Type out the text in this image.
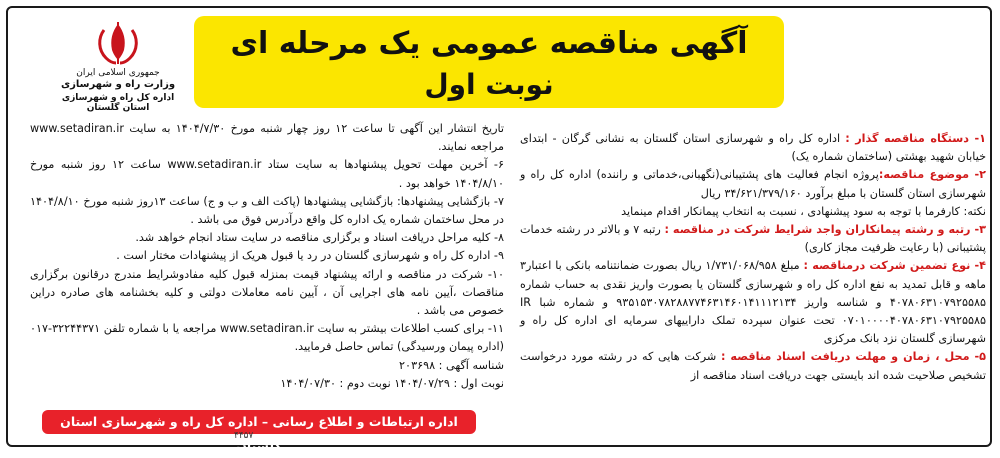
آگهی مناقصه عمومی یک مرحله ای
نوبت اول
جمهوری اسلامی ایران
وزارت راه و شهرسازی
اداره کل راه و شهرسازی استان گلستان

۱- دستگاه مناقصه گذار : اداره کل راه و شهرسازی استان گلستان به نشانی گرگان - ابتدای خیابان شهید بهشتی (ساختمان شماره یک)

۲- موضوع مناقصه:پروژه انجام فعالیت های پشتیبانی(نگهبانی،خدماتی و راننده) اداره کل راه و شهرسازی استان گلستان با مبلغ برآورد ۳۴/۶۲۱/۳۷۹/۱۶۰ ریال

نکته: کارفرما با توجه به سود پیشنهادی ، نسبت به انتخاب پیمانکار اقدام مینماید

۳- رتبه و رشته پیمانکاران واجد شرایط شرکت در مناقصه : رتبه ۷ و بالاتر در رشته خدمات پشتیبانی (با رعایت ظرفیت مجاز کاری)

۴- نوع تضمین شرکت درمناقصه : مبلغ ۱/۷۳۱/۰۶۸/۹۵۸ ریال بصورت ضمانتنامه بانکی با اعتبار۳ ماهه و قابل تمدید به نفع اداره کل راه و شهرسازی گلستان یا بصورت واریز نقدی به حساب شماره ۴۰۷۸۰۶۳۱۰۷۹۲۵۵۸۵ و شناسه واریز ۹۳۵۱۵۳۰۷۸۲۸۸۷۷۴۶۳۱۴۶۰۱۴۱۱۱۲۱۳۴ و شماره شبا IR ۰۷۰۱۰۰۰۰۴۰۷۸۰۶۳۱۰۷۹۲۵۵۸۵ تحت عنوان سپرده تملک داراییهای سرمایه ای اداره کل راه و شهرسازی گلستان نزد بانک مرکزی

۵- محل ، زمان و مهلت دریافت اسناد مناقصه : شرکت هایی که در رشته مورد درخواست تشخیص صلاحیت شده اند بایستی جهت دریافت اسناد مناقصه از

تاریخ انتشار این آگهی تا ساعت ۱۲ روز چهار شنبه مورخ ۱۴۰۴/۷/۳۰ به سایت www.setadiran.ir مراجعه نمایند.

۶- آخرین مهلت تحویل پیشنهادها به سایت ستاد www.setadiran.ir ساعت ۱۲ روز شنبه مورخ ۱۴۰۴/۸/۱۰ خواهد بود .

۷- بازگشایی پیشنهادها: بازگشایی پیشنهادها (پاکت الف و ب و ج) ساعت ۱۳روز شنبه مورخ ۱۴۰۴/۸/۱۰ در محل ساختمان شماره یک اداره کل واقع درآدرس فوق می باشد .

۸- کلیه مراحل دریافت اسناد و برگزاری مناقصه در سایت ستاد انجام خواهد شد.

۹- اداره کل راه و شهرسازی گلستان در رد یا قبول هریک از پیشنهادات مختار است .

۱۰- شرکت در مناقصه و ارائه پیشنهاد قیمت بمنزله قبول کلیه مفادوشرایط مندرج درقانون برگزاری مناقصات ،آیین نامه های اجرایی آن ، آیین نامه معاملات دولتی و کلیه بخشنامه های صادره دراین خصوص می باشد .

۱۱- برای کسب اطلاعات بیشتر به سایت www.setadiran.ir مراجعه یا با شماره تلفن ۳۲۲۴۴۳۷۱-۰۱۷ (اداره پیمان ورسیدگی) تماس حاصل فرمایید.

شناسه آگهی : ۲۰۳۶۹۸

نوبت اول : ۱۴۰۴/۰۷/۲۹ نوبت دوم : ۱۴۰۴/۰۷/۳۰

اداره ارتباطات و اطلاع رسانی – اداره کل راه و شهرسازی استان گلستان
۴۴۵۷
